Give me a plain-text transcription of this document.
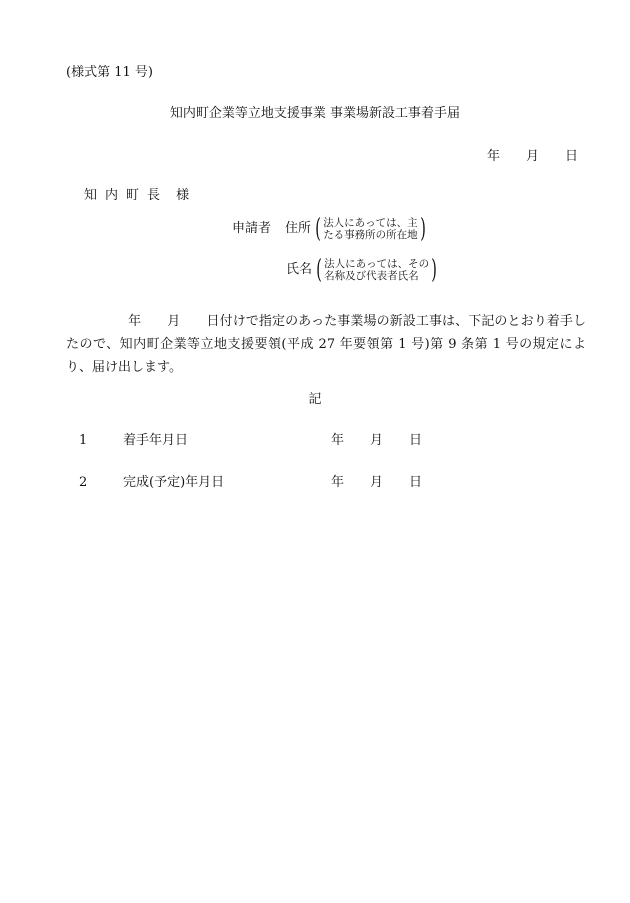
(様式第 11 号)
知内町企業等立地支援事業 事業場新設工事着手届
年 月 日
知 内 町 長 様
申請者 住所 ( 法人にあっては、主
たる事務所の所在地 )
氏名 ( 法人にあっては、その
名称及び代表者氏名 )
年 月 日付けで指定のあった事業場の新設工事は、下記のとおり着手したので、知内町企業等立地支援要領(平成 27 年要領第 1 号)第 9 条第 1 号の規定により、届け出します。
記
1	着手年月日	年 月 日
2	完成(予定)年月日	年 月 日
